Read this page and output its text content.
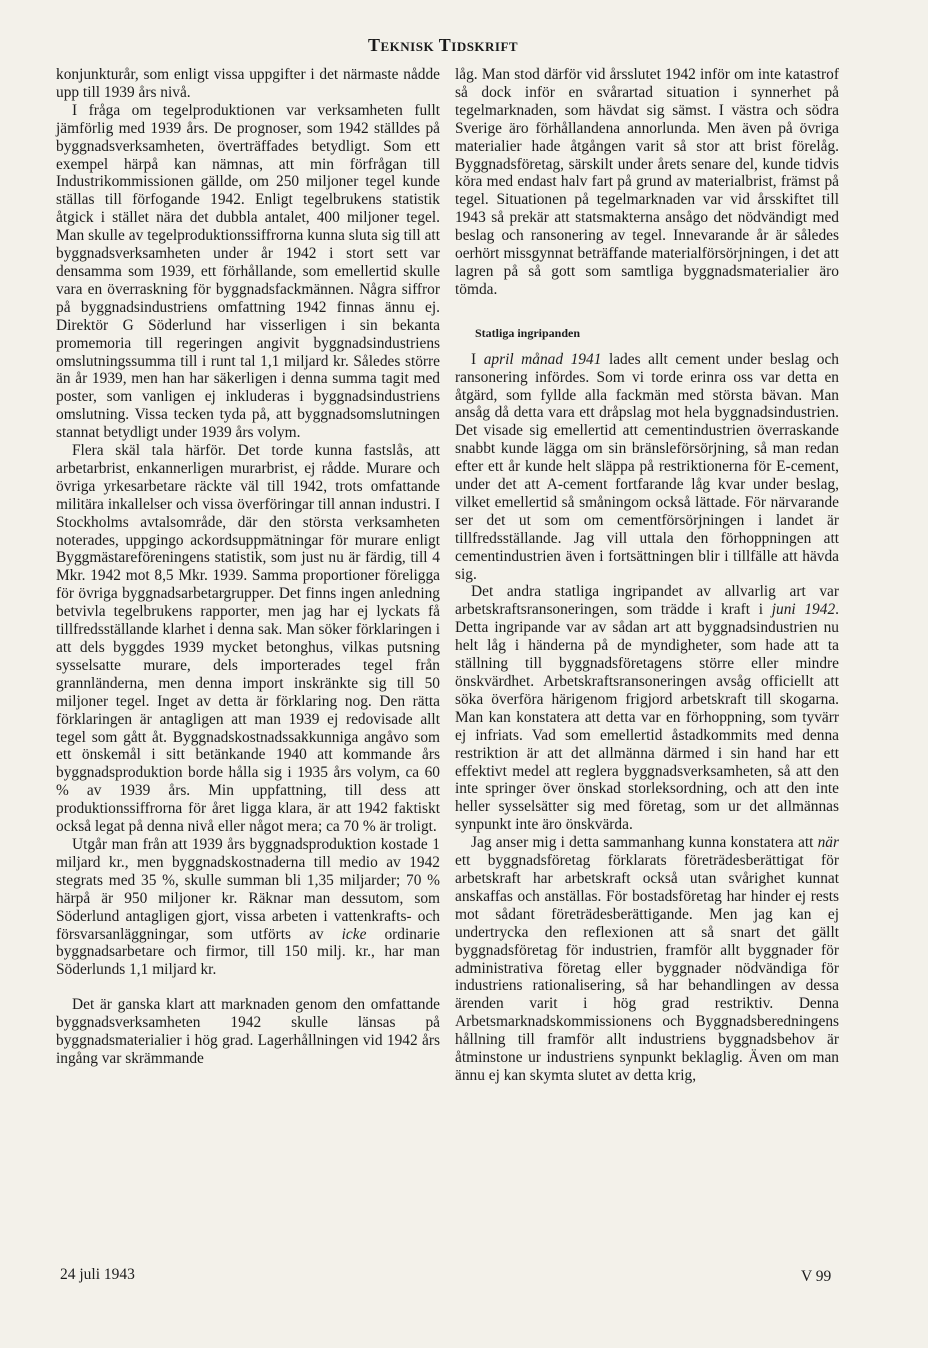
Teknisk Tidskrift

konjunkturår, som enligt vissa uppgifter i det närmaste nådde upp till 1939 års nivå.

I fråga om tegelproduktionen var verksamheten fullt jämförlig med 1939 års. De prognoser, som 1942 ställdes på byggnadsverksamheten, överträffades betydligt. Som ett exempel härpå kan nämnas, att min förfrågan till Industrikommissionen gällde, om 250 miljoner tegel kunde ställas till förfogande 1942. Enligt tegelbrukens statistik åtgick i stället nära det dubbla antalet, 400 miljoner tegel. Man skulle av tegelproduktionssiffrorna kunna sluta sig till att byggnadsverksamheten under år 1942 i stort sett var densamma som 1939, ett förhållande, som emellertid skulle vara en överraskning för byggnadsfackmännen. Några siffror på byggnadsindustriens omfattning 1942 finnas ännu ej. Direktör G Söderlund har visserligen i sin bekanta promemoria till regeringen angivit byggnadsindustriens omslutningssumma till i runt tal 1,1 miljard kr. Således större än år 1939, men han har säkerligen i denna summa tagit med poster, som vanligen ej inkluderas i byggnadsindustriens omslutning. Vissa tecken tyda på, att byggnadsomslutningen stannat betydligt under 1939 års volym.

Flera skäl tala härför. Det torde kunna fastslås, att arbetarbrist, enkannerligen murarbrist, ej rådde. Murare och övriga yrkesarbetare räckte väl till 1942, trots omfattande militära inkallelser och vissa överföringar till annan industri. I Stockholms avtalsområde, där den största verksamheten noterades, uppgingo ackordsuppmätningar för murare enligt Byggmästareföreningens statistik, som just nu är färdig, till 4 Mkr. 1942 mot 8,5 Mkr. 1939. Samma proportioner föreligga för övriga byggnadsarbetargrupper. Det finns ingen anledning betvivla tegelbrukens rapporter, men jag har ej lyckats få tillfredsställande klarhet i denna sak. Man söker förklaringen i att dels byggdes 1939 mycket betonghus, vilkas putsning sysselsatte murare, dels importerades tegel från grannländerna, men denna import inskränkte sig till 50 miljoner tegel. Inget av detta är förklaring nog. Den rätta förklaringen är antagligen att man 1939 ej redovisade allt tegel som gått åt. Byggnadskostnadssakkunniga angåvo som ett önskemål i sitt betänkande 1940 att kommande års byggnadsproduktion borde hålla sig i 1935 års volym, ca 60 % av 1939 års. Min uppfattning, till dess att produktionssiffrorna för året ligga klara, är att 1942 faktiskt också legat på denna nivå eller något mera; ca 70 % är troligt.

Utgår man från att 1939 års byggnadsproduktion kostade 1 miljard kr., men byggnadskostnaderna till medio av 1942 stegrats med 35 %, skulle summan bli 1,35 miljarder; 70 % härpå är 950 miljoner kr. Räknar man dessutom, som Söderlund antagligen gjort, vissa arbeten i vattenkrafts- och försvarsanläggningar, som utförts av icke ordinarie byggnadsarbetare och firmor, till 150 milj. kr., har man Söderlunds 1,1 miljard kr.

Det är ganska klart att marknaden genom den omfattande byggnadsverksamheten 1942 skulle länsas på byggnadsmaterialier i hög grad. Lagerhållningen vid 1942 års ingång var skrämmande

låg. Man stod därför vid årsslutet 1942 inför om inte katastrof så dock inför en svårartad situation i synnerhet på tegelmarknaden, som hävdat sig sämst. I västra och södra Sverige äro förhållandena annorlunda. Men även på övriga materialier hade åtgången varit så stor att brist förelåg. Byggnadsföretag, särskilt under årets senare del, kunde tidvis köra med endast halv fart på grund av materialbrist, främst på tegel. Situationen på tegelmarknaden var vid årsskiftet till 1943 så prekär att statsmakterna ansågo det nödvändigt med beslag och ransonering av tegel. Innevarande år är således oerhört missgynnat beträffande materialförsörjningen, i det att lagren på så gott som samtliga byggnadsmaterialier äro tömda.

Statliga ingripanden

I april månad 1941 lades allt cement under beslag och ransonering infördes. Som vi torde erinra oss var detta en åtgärd, som fyllde alla fackmän med största bävan. Man ansåg då detta vara ett dråpslag mot hela byggnadsindustrien. Det visade sig emellertid att cementindustrien överraskande snabbt kunde lägga om sin bränsleförsörjning, så man redan efter ett år kunde helt släppa på restriktionerna för E-cement, under det att A-cement fortfarande låg kvar under beslag, vilket emellertid så småningom också lättade. För närvarande ser det ut som om cementförsörjningen i landet är tillfredsställande. Jag vill uttala den förhoppningen att cementindustrien även i fortsättningen blir i tillfälle att hävda sig.

Det andra statliga ingripandet av allvarlig art var arbetskraftsransoneringen, som trädde i kraft i juni 1942. Detta ingripande var av sådan art att byggnadsindustrien nu helt låg i händerna på de myndigheter, som hade att ta ställning till byggnadsföretagens större eller mindre önskvärdhet. Arbetskraftsransoneringen avsåg officiellt att söka överföra härigenom frigjord arbetskraft till skogarna. Man kan konstatera att detta var en förhoppning, som tyvärr ej infriats. Vad som emellertid åstadkommits med denna restriktion är att det allmänna därmed i sin hand har ett effektivt medel att reglera byggnadsverksamheten, så att den inte springer över önskad storleksordning, och att den inte heller sysselsätter sig med företag, som ur det allmännas synpunkt inte äro önskvärda.

Jag anser mig i detta sammanhang kunna konstatera att när ett byggnadsföretag förklarats företrädesberättigat för arbetskraft har arbetskraft också utan svårighet kunnat anskaffas och anställas. För bostadsföretag har hinder ej rests mot sådant företrädesberättigande. Men jag kan ej undertrycka den reflexionen att så snart det gällt byggnadsföretag för industrien, framför allt byggnader för administrativa företag eller byggnader nödvändiga för industriens rationalisering, så har behandlingen av dessa ärenden varit i hög grad restriktiv. Denna Arbetsmarknadskommissionens och Byggnadsberedningens hållning till framför allt industriens byggnadsbehov är åtminstone ur industriens synpunkt beklaglig. Även om man ännu ej kan skymta slutet av detta krig,

24 juli 1943	V 99
